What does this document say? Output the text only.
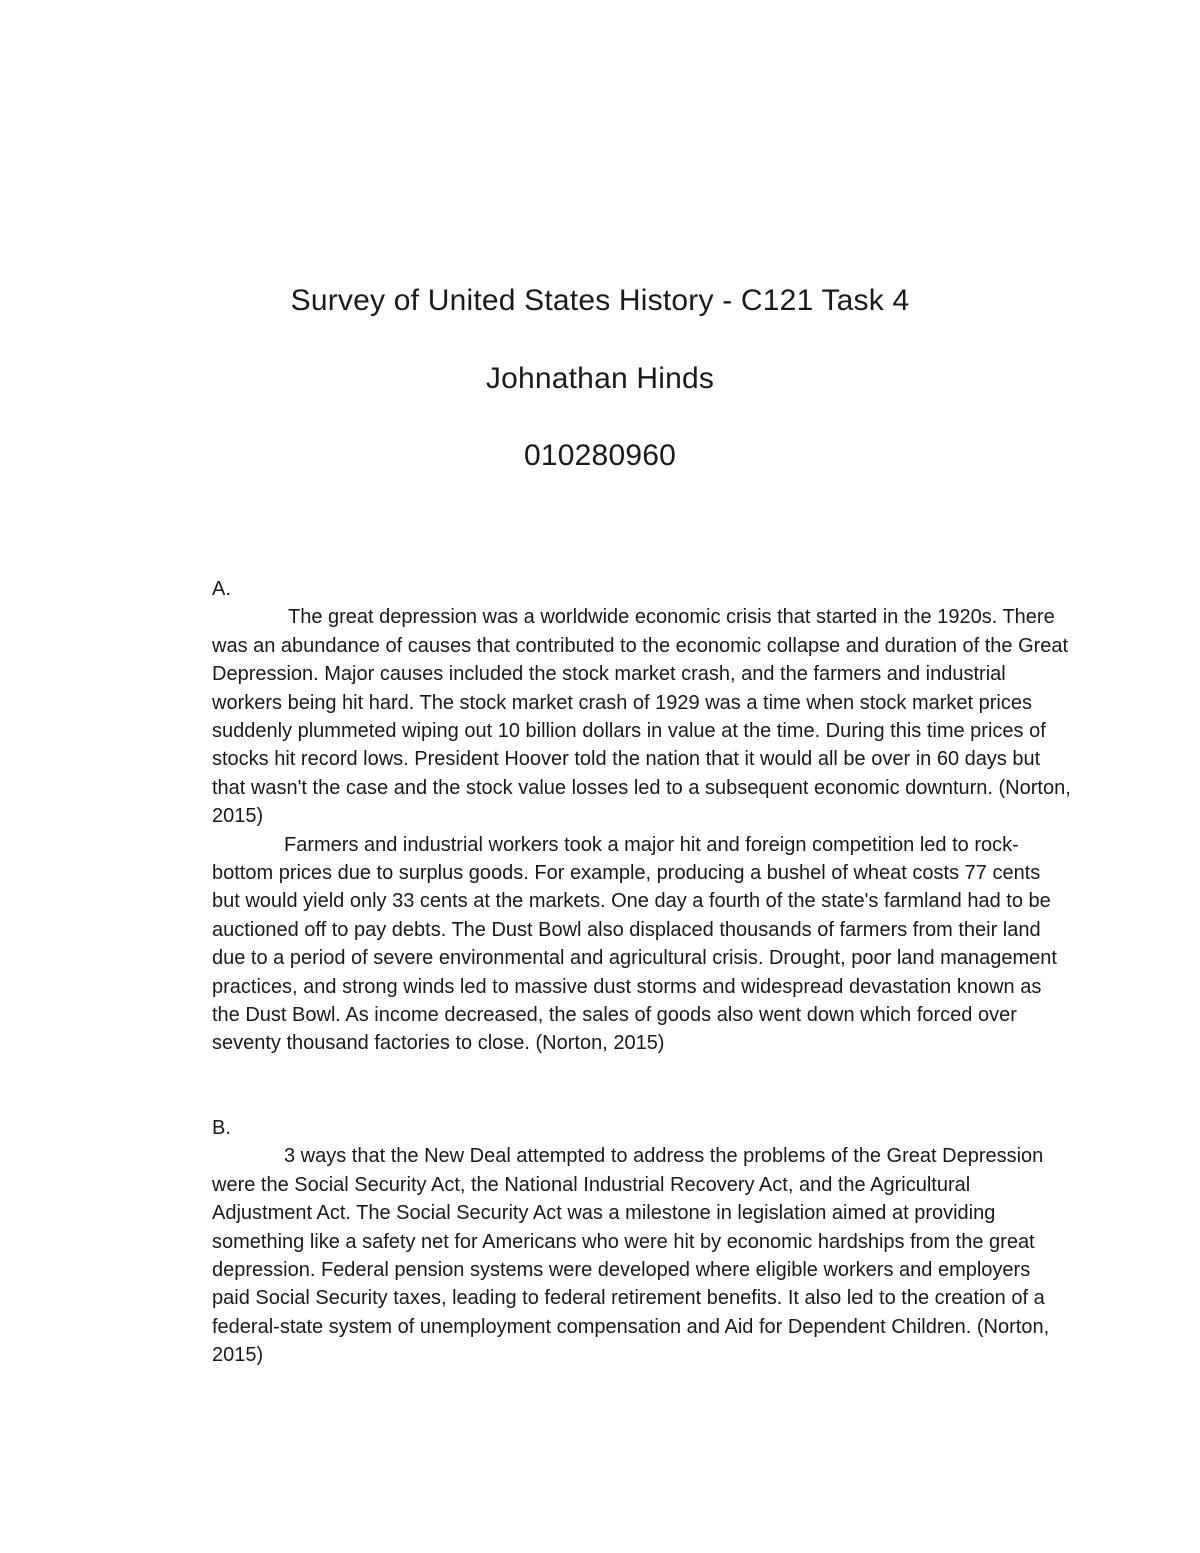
Survey of United States History - C121 Task 4
Johnathan Hinds
010280960

A.

The great depression was a worldwide economic crisis that started in the 1920s. There was an abundance of causes that contributed to the economic collapse and duration of the Great Depression. Major causes included the stock market crash, and the farmers and industrial workers being hit hard. The stock market crash of 1929 was a time when stock market prices suddenly plummeted wiping out 10 billion dollars in value at the time. During this time prices of stocks hit record lows. President Hoover told the nation that it would all be over in 60 days but that wasn't the case and the stock value losses led to a subsequent economic downturn. (Norton, 2015)

Farmers and industrial workers took a major hit and foreign competition led to rock-bottom prices due to surplus goods. For example, producing a bushel of wheat costs 77 cents but would yield only 33 cents at the markets. One day a fourth of the state's farmland had to be auctioned off to pay debts. The Dust Bowl also displaced thousands of farmers from their land due to a period of severe environmental and agricultural crisis. Drought, poor land management practices, and strong winds led to massive dust storms and widespread devastation known as the Dust Bowl. As income decreased, the sales of goods also went down which forced over seventy thousand factories to close. (Norton, 2015)

B.

3 ways that the New Deal attempted to address the problems of the Great Depression were the Social Security Act, the National Industrial Recovery Act, and the Agricultural Adjustment Act. The Social Security Act was a milestone in legislation aimed at providing something like a safety net for Americans who were hit by economic hardships from the great depression. Federal pension systems were developed where eligible workers and employers paid Social Security taxes, leading to federal retirement benefits. It also led to the creation of a federal-state system of unemployment compensation and Aid for Dependent Children. (Norton, 2015)
